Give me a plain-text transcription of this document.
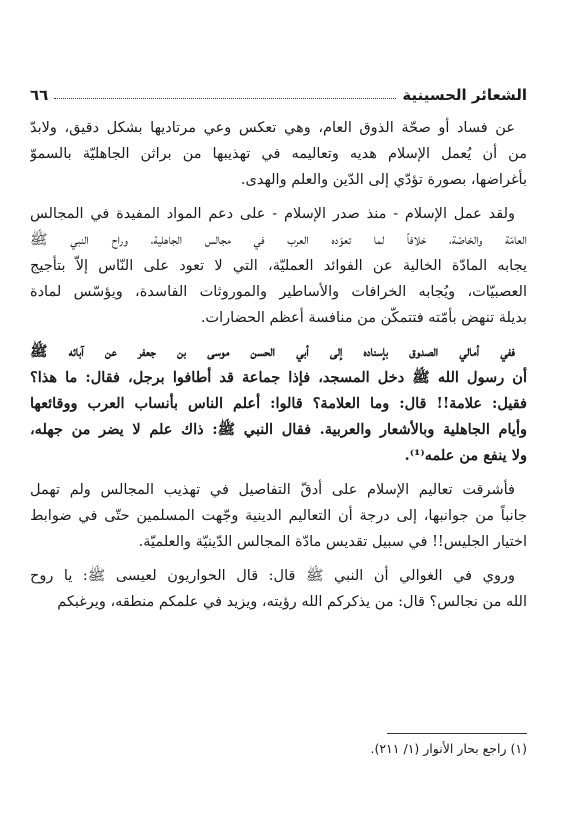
الشعائر الحسينية
٦٦
عن فساد أو صحّة الذوق العام، وهي تعكس وعي مرتاديها بشكل دقيق، ولابدّ
من أن يُعمل الإسلام هديه وتعاليمه في تهذيبها من براثن الجاهليّة بالسموّ
بأغراضها، بصورة تؤدّي إلى الدّين والعلم والهدى.
ولقد عمل الإسلام - منذ صدر الإسلام - على دعم المواد المفيدة في المجالس
العامّة والخاصّة، خلافاً لما تعوّده العرب في مجالس الجاهلية، وراح النبي ﷺ
يجابه المادّة الخالية عن الفوائد العمليّة، التي لا تعود على النّاس إلاّ بتأجيج
العصبيّات، ويُجابه الخرافات والأساطير والموروثات الفاسدة، ويؤسّس لمادة
بديلة تنهض بأمّته فتتمكّن من منافسة أعظم الحضارات.
ففي أمالي الصدوق بإسناده إلى أبي الحسن موسى بن جعفر عن آبائه ﷺ
أن رسول الله ﷺ دخل المسجد، فإذا جماعة قد أطافوا برجل، فقال: ما هذا؟
فقيل: علامة!! قال: وما العلامة؟ قالوا: أعلم الناس بأنساب العرب ووقائعها
وأيام الجاهلية وبالأشعار والعربية. فقال النبي ﷺ: ذاك علم لا يضر من جهله،
ولا ينفع من علمه⁽¹⁾.
فأشرقت تعاليم الإسلام على أدقّ التفاصيل في تهذيب المجالس ولم تهمل
جانباً من جوانبها، إلى درجة أن التعاليم الدينية وجّهت المسلمين حتّى في ضوابط
اختيار الجليس!! في سبيل تقديس مادّة المجالس الدّينيّة والعلميّة.
وروي في الغوالي أن النبي ﷺ قال: قال الحواريون لعيسى ﷺ: يا روح
الله من نجالس؟ قال: من يذكركم الله رؤيته، ويزيد في علمكم منطقه، ويرغبكم
(١) راجع بحار الأنوار (١/ ٢١١).
